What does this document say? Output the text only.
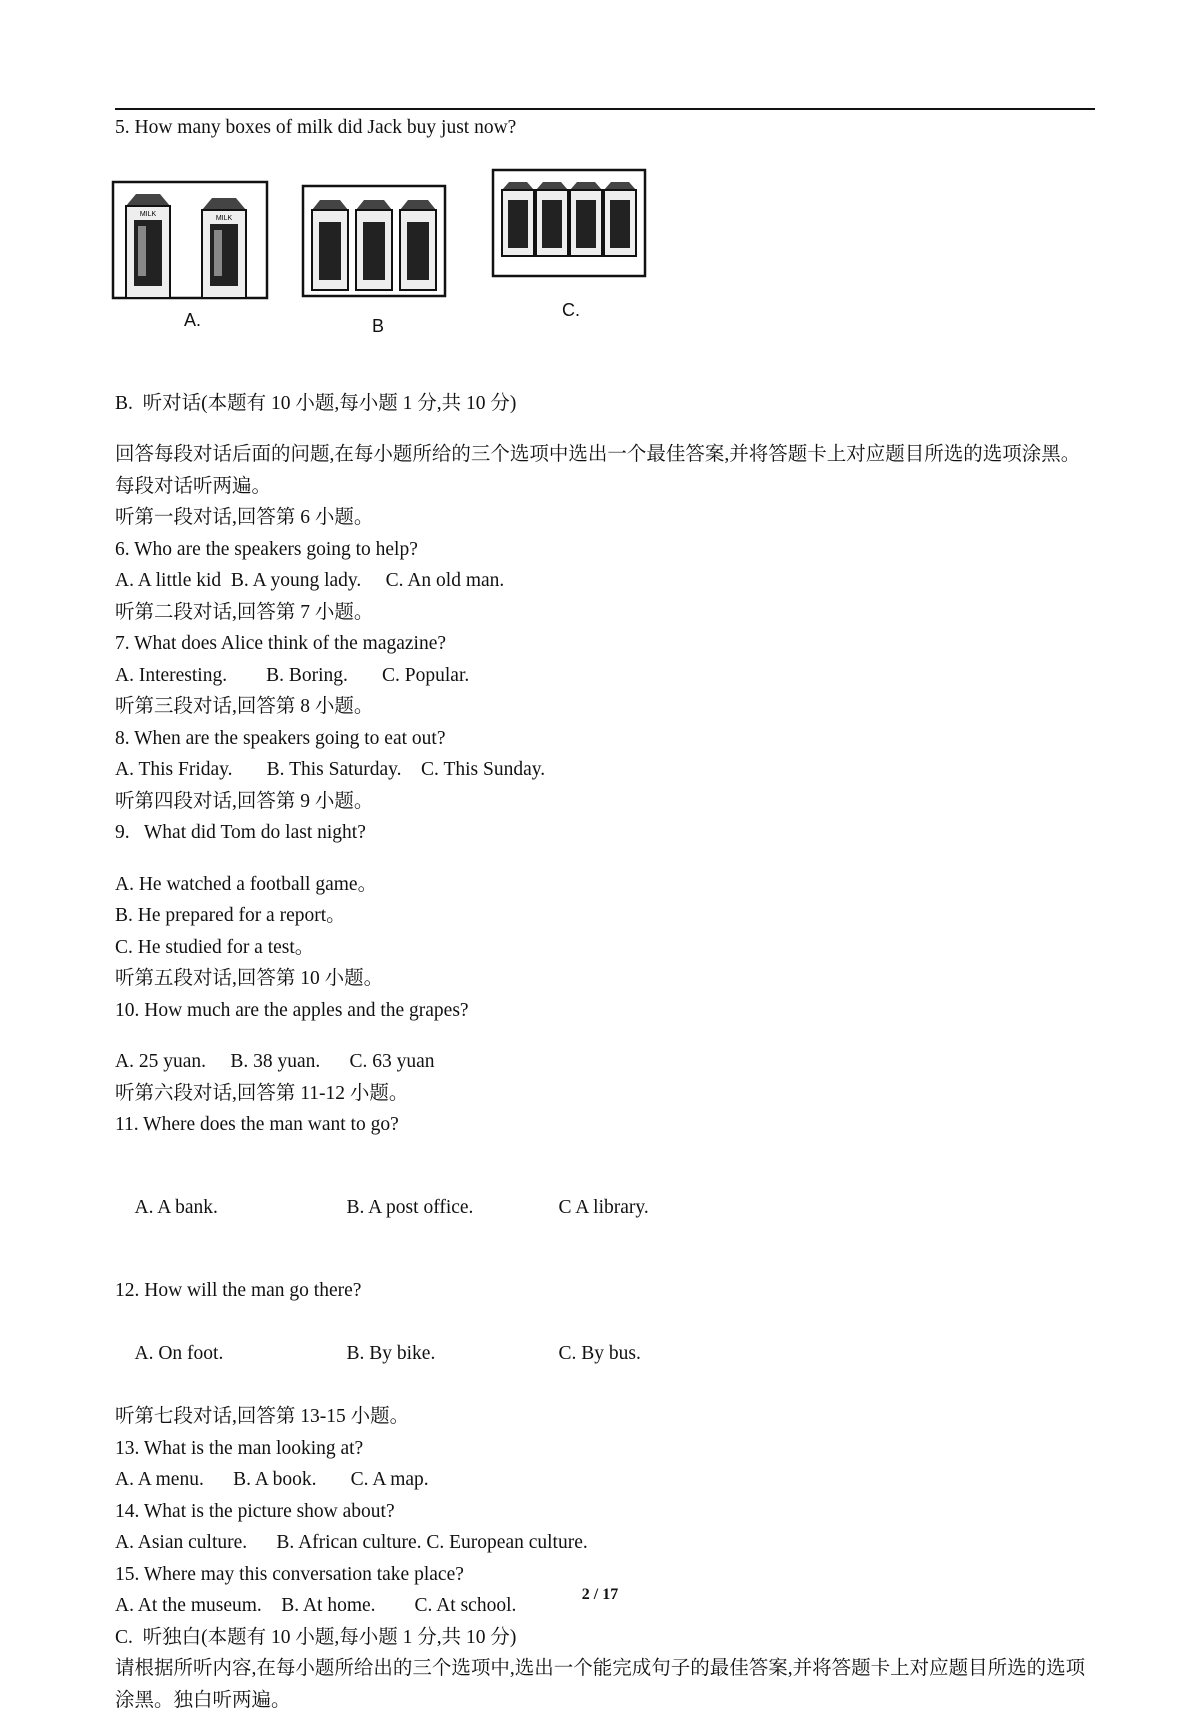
5. How many boxes of milk did Jack buy just now?
MILK
MILK
A.	B
C.
B.  听对话(本题有 10 小题,每小题 1 分,共 10 分)
回答每段对话后面的问题,在每小题所给的三个选项中选出一个最佳答案,并将答题卡上对应题目所选的选项涂黑。每段对话听两遍。
听第一段对话,回答第 6 小题。
6. Who are the speakers going to help?
A. A little kid  B. A young lady.     C. An old man.
听第二段对话,回答第 7 小题。
7. What does Alice think of the magazine?
A. Interesting.        B. Boring.       C. Popular.
听第三段对话,回答第 8 小题。
8. When are the speakers going to eat out?
A. This Friday.       B. This Saturday.    C. This Sunday.
听第四段对话,回答第 9 小题。
9.   What did Tom do last night?
A. He watched a football game。
B. He prepared for a report。
C. He studied for a test。
听第五段对话,回答第 10 小题。
10. How much are the apples and the grapes?
A. 25 yuan.     B. 38 yuan.      C. 63 yuan
听第六段对话,回答第 11-12 小题。
11. Where does the man want to go?

A. A bank.	B. A post office.	C A library.

12. How will the man go there?

A. On foot.	B. By bike.	C. By bus.

听第七段对话,回答第 13-15 小题。
13. What is the man looking at?
A. A menu.      B. A book.       C. A map.
14. What is the picture show about?
A. Asian culture.      B. African culture. C. European culture.
15. Where may this conversation take place?
A. At the museum.    B. At home.        C. At school.
C.  听独白(本题有 10 小题,每小题 1 分,共 10 分)
请根据所听内容,在每小题所给出的三个选项中,选出一个能完成句子的最佳答案,并将答题卡上对应题目所选的选项涂黑。独白听两遍。
2 / 17
